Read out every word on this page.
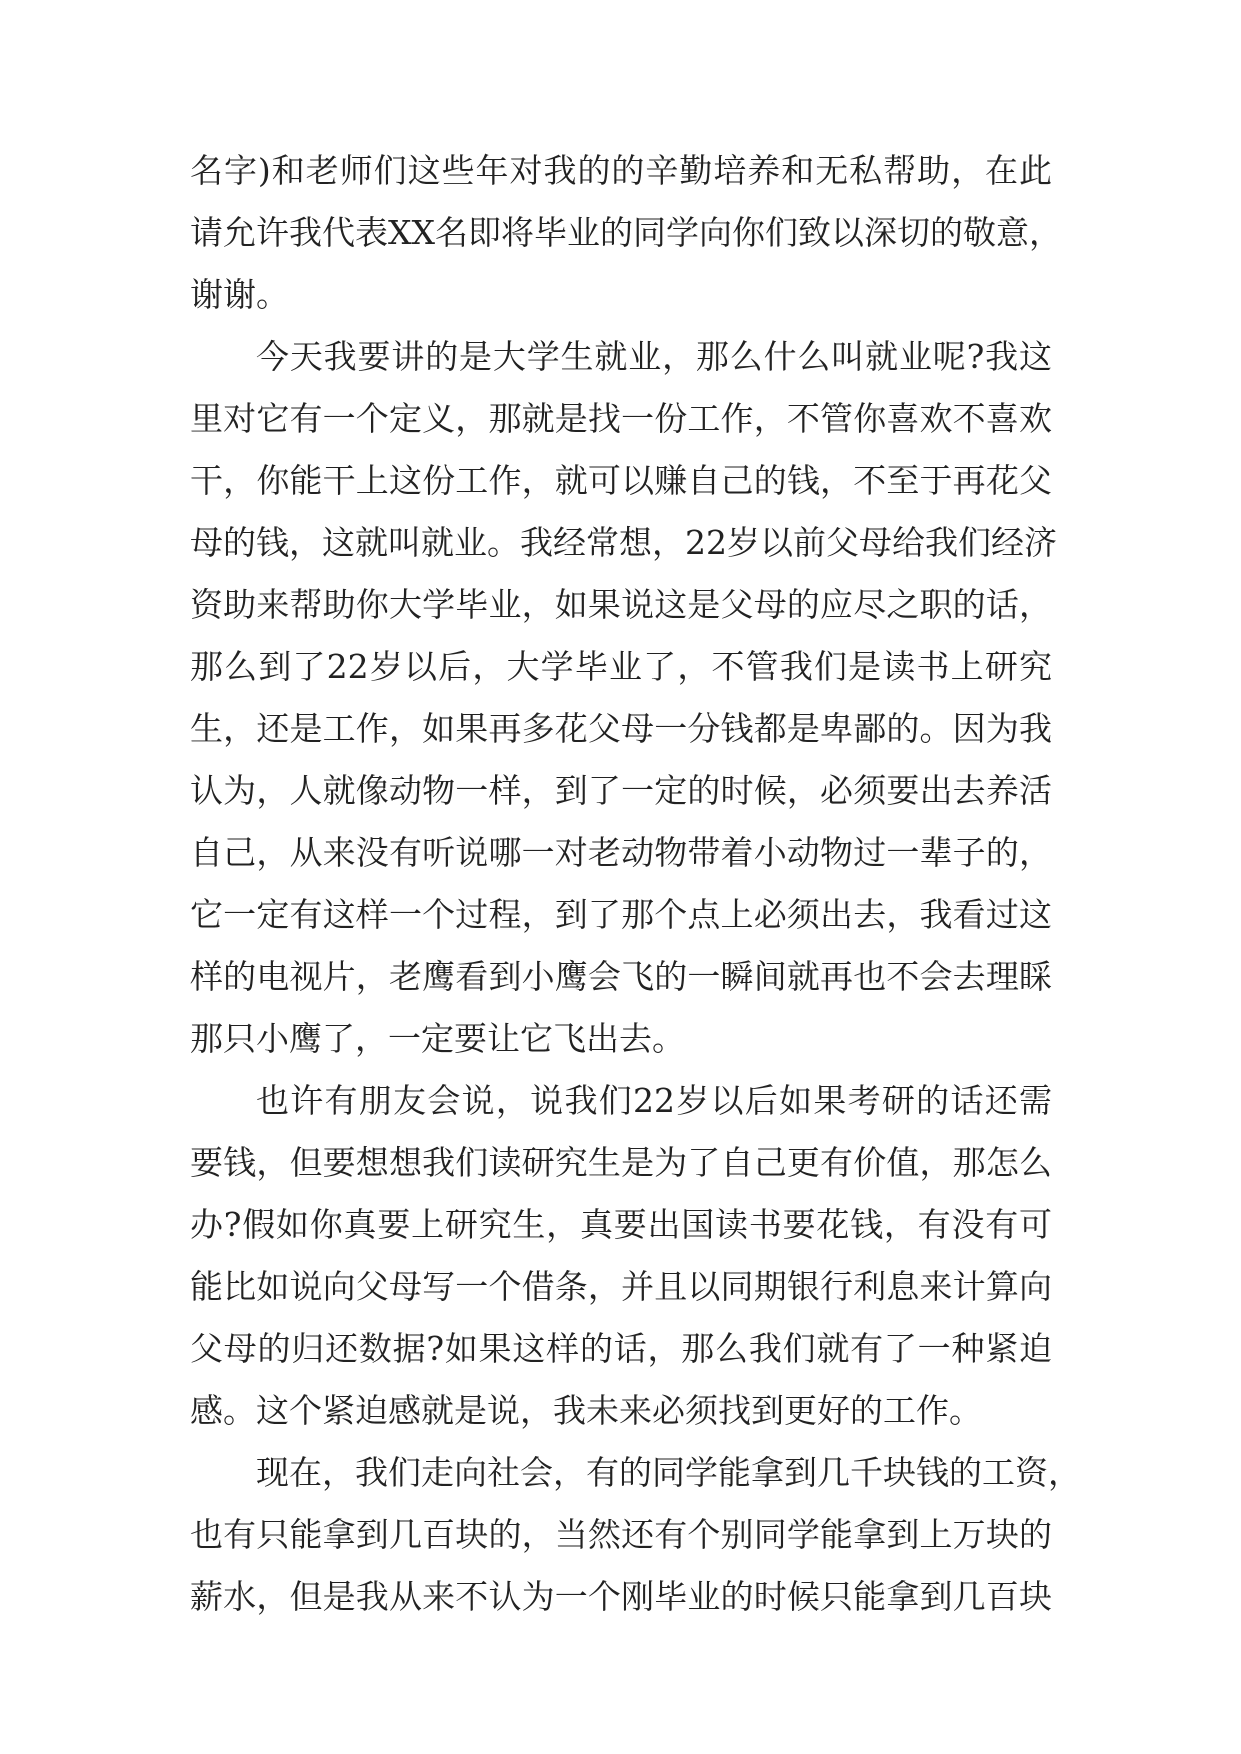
名字)和老师们这些年对我的的辛勤培养和无私帮助，在此
请允许我代表XX名即将毕业的同学向你们致以深切的敬意，
谢谢。
今天我要讲的是大学生就业，那么什么叫就业呢?我这
里对它有一个定义，那就是找一份工作，不管你喜欢不喜欢
干，你能干上这份工作，就可以赚自己的钱，不至于再花父
母的钱，这就叫就业。我经常想，22岁以前父母给我们经济
资助来帮助你大学毕业，如果说这是父母的应尽之职的话，
那么到了22岁以后，大学毕业了，不管我们是读书上研究
生，还是工作，如果再多花父母一分钱都是卑鄙的。因为我
认为，人就像动物一样，到了一定的时候，必须要出去养活
自己，从来没有听说哪一对老动物带着小动物过一辈子的，
它一定有这样一个过程，到了那个点上必须出去，我看过这
样的电视片，老鹰看到小鹰会飞的一瞬间就再也不会去理睬
那只小鹰了，一定要让它飞出去。
也许有朋友会说，说我们22岁以后如果考研的话还需
要钱，但要想想我们读研究生是为了自己更有价值，那怎么
办?假如你真要上研究生，真要出国读书要花钱，有没有可
能比如说向父母写一个借条，并且以同期银行利息来计算向
父母的归还数据?如果这样的话，那么我们就有了一种紧迫
感。这个紧迫感就是说，我未来必须找到更好的工作。
现在，我们走向社会，有的同学能拿到几千块钱的工资，
也有只能拿到几百块的，当然还有个别同学能拿到上万块的
薪水，但是我从来不认为一个刚毕业的时候只能拿到几百块
